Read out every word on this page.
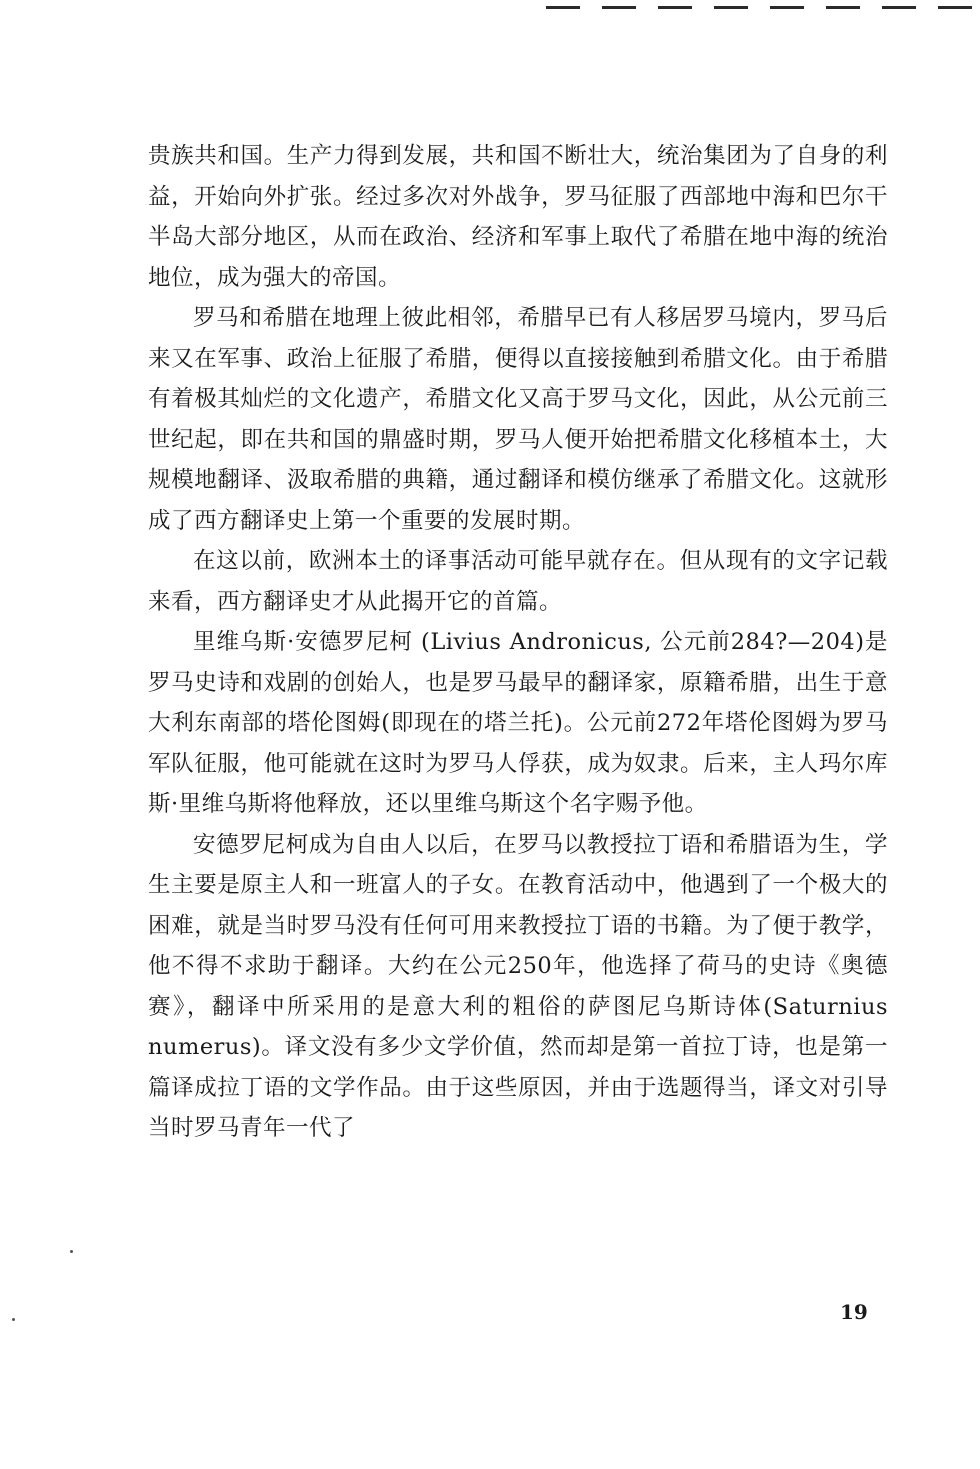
贵族共和国。生产力得到发展，共和国不断壮大，统治集团为了自身的利益，开始向外扩张。经过多次对外战争，罗马征服了西部地中海和巴尔干半岛大部分地区，从而在政治、经济和军事上取代了希腊在地中海的统治地位，成为强大的帝国。

罗马和希腊在地理上彼此相邻，希腊早已有人移居罗马境内，罗马后来又在军事、政治上征服了希腊，便得以直接接触到希腊文化。由于希腊有着极其灿烂的文化遗产，希腊文化又高于罗马文化，因此，从公元前三世纪起，即在共和国的鼎盛时期，罗马人便开始把希腊文化移植本土，大规模地翻译、汲取希腊的典籍，通过翻译和模仿继承了希腊文化。这就形成了西方翻译史上第一个重要的发展时期。

在这以前，欧洲本土的译事活动可能早就存在。但从现有的文字记载来看，西方翻译史才从此揭开它的首篇。

里维乌斯·安德罗尼柯 (Livius Andronicus, 公元前284?—204)是罗马史诗和戏剧的创始人，也是罗马最早的翻译家，原籍希腊，出生于意大利东南部的塔伦图姆(即现在的塔兰托)。公元前272年塔伦图姆为罗马军队征服，他可能就在这时为罗马人俘获，成为奴隶。后来，主人玛尔库斯·里维乌斯将他释放，还以里维乌斯这个名字赐予他。

安德罗尼柯成为自由人以后，在罗马以教授拉丁语和希腊语为生，学生主要是原主人和一班富人的子女。在教育活动中，他遇到了一个极大的困难，就是当时罗马没有任何可用来教授拉丁语的书籍。为了便于教学，他不得不求助于翻译。大约在公元250年，他选择了荷马的史诗《奥德赛》，翻译中所采用的是意大利的粗俗的萨图尼乌斯诗体(Saturnius numerus)。译文没有多少文学价值，然而却是第一首拉丁诗，也是第一篇译成拉丁语的文学作品。由于这些原因，并由于选题得当，译文对引导当时罗马青年一代了

19
